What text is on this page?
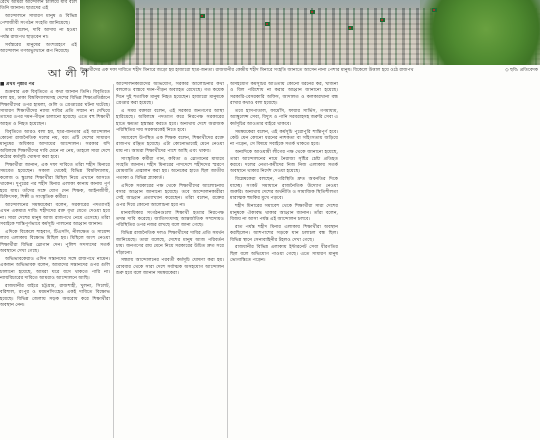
রেখে আমরা আন্দোলন চালিয়ে যাব বলে তিনি জানান। ছাত্রদের এই

আন্দোলনে সাধারণ মানুষ ও বিভিন্ন পেশাজীবী সংগঠন সংহতি জানিয়েছে।

তারা বলেন, দাবি আদায় না হওয়া পর্যন্ত রাজপথ ছাড়বেন না।

সর্বস্তরের মানুষের অংশগ্রহণে এই আন্দোলন গণঅভ্যুত্থানে রূপ নিয়েছে।

শিক্ষার্থীদের এক দফা দাবিতে শহীদ মিনারে জড়ো হয় হাজারো ছাত্র-জনতা। রাজধানীর কেন্দ্রীয় শহীদ মিনারে সংহতি জানাতে আসেন নানা পেশার মানুষ। বিকেলে উত্তাল হয়ে ওঠে রাজপথ	◇ ছবি: প্রতিবেদক
আ লী গ

■ প্রথম পৃষ্ঠার পর

শুক্রবার এক বিবৃতিতে এ কথা জানান তিনি। বিবৃতিতে বলা হয়, ঢাকা বিশ্ববিদ্যালয়সহ দেশের বিভিন্ন শিক্ষাপ্রতিষ্ঠানে শিক্ষার্থীদের ওপর হামলা, গুলি ও গ্রেপ্তারের ঘটনা ঘটেছে। সাধারণ শিক্ষার্থীদের ন্যায্য দাবির প্রতি সম্মান না দেখিয়ে তাদের ওপর দমন-পীড়ন চালানো হয়েছে। এতে বহু শিক্ষার্থী আহত ও নিহত হয়েছেন।

বিবৃতিতে আরও বলা হয়, ছাত্র-জনতার এই আন্দোলন কোনো রাজনৈতিক দলের নয়, বরং এটি দেশের সাধারণ মানুষের অধিকার আদায়ের আন্দোলন। সরকার যদি অবিলম্বে শিক্ষার্থীদের দাবি মেনে না নেয়, তাহলে সারা দেশে কঠোর কর্মসূচি ঘোষণা করা হবে।

শিক্ষার্থীরা জানান, এক দফা দাবিতে তাঁরা শহীদ মিনারে সমবেত হয়েছেন। সকাল থেকেই বিভিন্ন বিশ্ববিদ্যালয়, কলেজ ও স্কুলের শিক্ষার্থীরা মিছিল নিয়ে এখানে আসতে থাকেন। দুপুরের পর শহীদ মিনার এলাকা কানায় কানায় পূর্ণ হয়ে যায়। তাঁদের সঙ্গে যোগ দেন শিক্ষক, আইনজীবী, চিকিৎসক, শিল্পী ও সাংস্কৃতিক কর্মীরা।

আন্দোলনের সমন্বয়কেরা বলেন, সরকারের পদত্যাগই এখন একমাত্র দাবি। শহীদদের রক্ত বৃথা যেতে দেওয়া হবে না। সারা দেশের মানুষ আজ রাজপথে নেমে এসেছে। তাঁরা সবাইকে শান্তিপূর্ণভাবে কর্মসূচি পালনের আহ্বান জানান।

এদিকে বিকেলে শাহবাগ, টিএসসি, নীলক্ষেত ও সায়েন্স ল্যাব এলাকায় বিক্ষোভ মিছিল হয়। মিছিলে অংশ নেওয়া শিক্ষার্থীরা বিভিন্ন স্লোগান দেন। পুলিশ সদস্যদের সতর্ক অবস্থানে দেখা গেছে।

অভিভাবকেরাও এদিন সন্তানদের সঙ্গে রাজপথে নামেন। একজন অভিভাবক বলেন, আমাদের সন্তানদের ওপর গুলি চালানো হয়েছে, আমরা ঘরে বসে থাকতে পারি না। ন্যায়বিচারের দাবিতে আমরাও আন্দোলনে আছি।

রাজধানীর বাইরে চট্টগ্রাম, রাজশাহী, খুলনা, সিলেট, বরিশাল, রংপুর ও ময়মনসিংহেও একই দাবিতে বিক্ষোভ হয়েছে। বিভিন্ন জেলায় সড়ক অবরোধ করে শিক্ষার্থীরা অবস্থান নেন।

আন্দোলনকারীদের অভিযোগ, সরকার আলোচনার কথা বললেও বাস্তবে দমন-পীড়ন অব্যাহত রেখেছে। গত কয়েক দিনে দুই শতাধিক মানুষ নিহত হয়েছেন। হাজারো মানুষকে গ্রেপ্তার করা হয়েছে।

এ সময় বক্তারা বলেন, এই সরকার জনগণের আস্থা হারিয়েছে। অবিলম্বে পদত্যাগ করে নিরপেক্ষ সরকারের হাতে ক্ষমতা হস্তান্তর করতে হবে। অন্যথায় দেশে অরাজক পরিস্থিতির দায় সরকারকেই নিতে হবে।

সমাবেশে উপস্থিত এক শিক্ষক বলেন, শিক্ষার্থীদের রক্তে রাজপথ রঞ্জিত হয়েছে। এটা কোনোভাবেই মেনে নেওয়া যায় না। আমরা শিক্ষার্থীদের পাশে আছি এবং থাকব।

সাংস্কৃতিক কর্মীরা গান, কবিতা ও স্লোগানের মাধ্যমে সংহতি জানান। শহীদ মিনারের পাদদেশে শহীদদের স্মরণে মোমবাতি প্রজ্বালন করা হয়। অনেকের হাতে ছিল জাতীয় পতাকা ও বিভিন্ন প্ল্যাকার্ড।

এদিকে সরকারের পক্ষ থেকে শিক্ষার্থীদের আলোচনায় বসার আহ্বান জানানো হয়েছে। তবে আন্দোলনকারীরা সেই আহ্বান প্রত্যাখ্যান করেছেন। তাঁরা বলেন, রক্তের ওপর দিয়ে কোনো আলোচনা হবে না।

মানবাধিকার সংগঠনগুলো শিক্ষার্থী হত্যার নিরপেক্ষ তদন্ত দাবি করেছে। জাতিসংঘসহ আন্তর্জাতিক সম্প্রদায়ও পরিস্থিতির ওপর নজর রাখছে বলে জানা গেছে।

বিভিন্ন রাজনৈতিক দলও শিক্ষার্থীদের দাবির প্রতি সমর্থন জানিয়েছে। তারা বলেছে, দেশের মানুষ আজ পরিবর্তন চায়। জনগণের রায় মেনে নিয়ে সরকারের উচিত দ্রুত সরে দাঁড়ানো।

সন্ধ্যায় আন্দোলনের পরবর্তী কর্মসূচি ঘোষণা করা হয়। রোববার থেকে সারা দেশে সর্বাত্মক অসহযোগ আন্দোলন শুরু হবে বলে জানান সমন্বয়কেরা।

অসহযোগ কর্মসূচির আওতায় কোনো ধরনের কর, খাজনা ও বিল পরিশোধ না করার আহ্বান জানানো হয়েছে। সরকারি-বেসরকারি অফিস, আদালত ও কলকারখানা বন্ধ রাখার কথাও বলা হয়েছে।

তবে হাসপাতাল, ফার্মেসি, ফায়ার সার্ভিস, গণমাধ্যম, অ্যাম্বুলেন্স সেবা, বিদ্যুৎ ও পানি সরবরাহসহ জরুরি সেবা এ কর্মসূচির আওতার বাইরে থাকবে।

সমন্বয়কেরা বলেন, এই কর্মসূচি পুরোপুরি শান্তিপূর্ণ হবে। কেউ যেন কোনো ধরনের নাশকতা বা সহিংসতায় জড়িয়ে না পড়েন, সে বিষয়ে সবাইকে সতর্ক থাকতে হবে।

অন্যদিকে আওয়ামী লীগের পক্ষ থেকে জানানো হয়েছে, তারা আন্দোলনের নামে নৈরাজ্য সৃষ্টির চেষ্টা প্রতিহত করবে। দলের নেতা-কর্মীদের নিজ নিজ এলাকায় সতর্ক অবস্থানে থাকার নির্দেশ দেওয়া হয়েছে।

বিশ্লেষকেরা বলছেন, পরিস্থিতি দ্রুত অবনতির দিকে যাচ্ছে। সংকট সমাধানে রাজনৈতিক উদ্যোগ নেওয়া জরুরি। অন্যথায় দেশের অর্থনীতি ও সামাজিক স্থিতিশীলতা মারাত্মক হুমকির মুখে পড়বে।

শহীদ মিনারের সমাবেশ থেকে শিক্ষার্থীরা সারা দেশের মানুষকে ঐক্যবদ্ধ থাকার আহ্বান জানান। তাঁরা বলেন, বিজয় না আসা পর্যন্ত এই আন্দোলন চলবে।

রাত পর্যন্ত শহীদ মিনার এলাকায় শিক্ষার্থীরা অবস্থান করছিলেন। আশপাশের সড়কে যান চলাচল বন্ধ ছিল। বিভিন্ন স্থানে সেনাবাহিনীর টহলও দেখা গেছে।

রাজধানীর বিভিন্ন এলাকায় ইন্টারনেট সেবা ধীরগতির ছিল বলে অভিযোগ পাওয়া গেছে। এতে সাধারণ মানুষ ভোগান্তিতে পড়েন।
